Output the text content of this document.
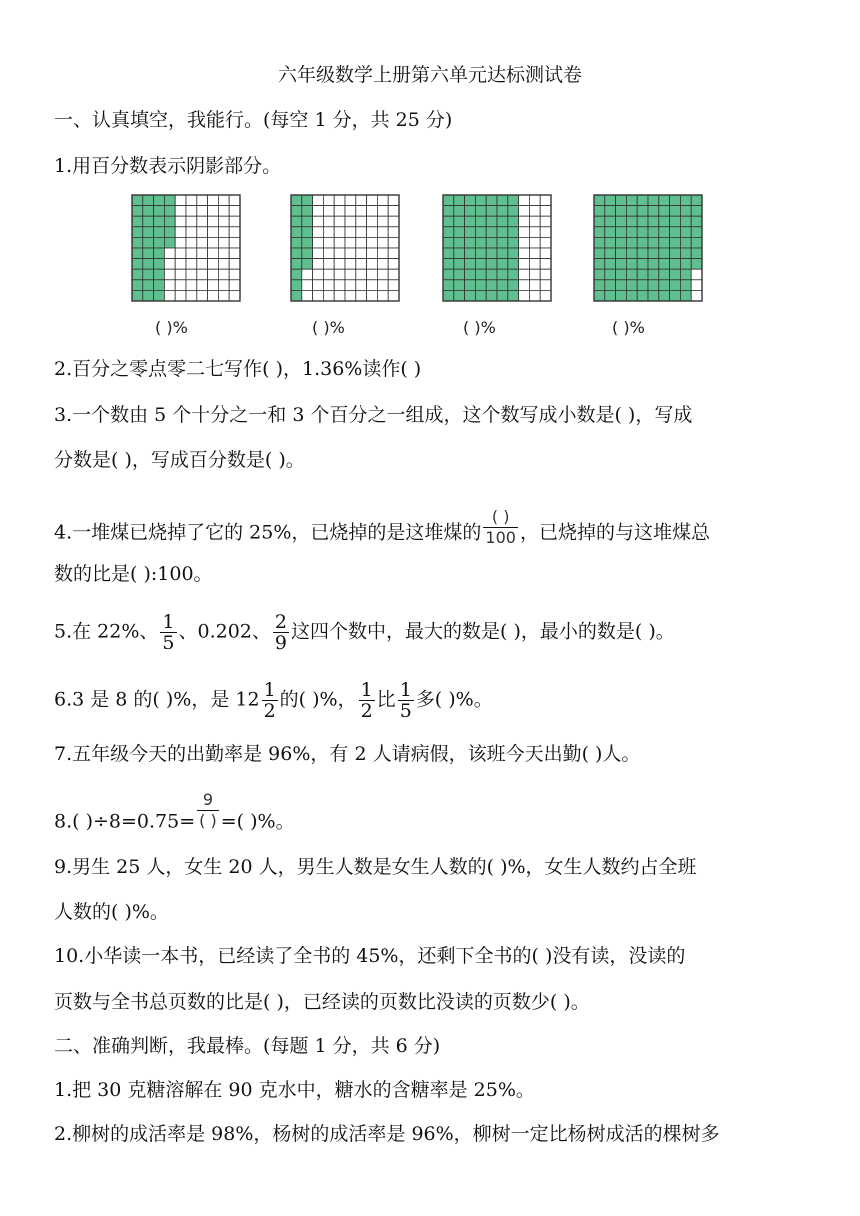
六年级数学上册第六单元达标测试卷
一、认真填空，我能行。(每空 1 分，共 25 分)
1.用百分数表示阴影部分。
( )%	( )%	( )%	( )%
2.百分之零点零二七写作( )，1.36%读作( )
3.一个数由 5 个十分之一和 3 个百分之一组成，这个数写成小数是( )，写成
分数是( )，写成百分数是( )。
4.一堆煤已烧掉了它的 25%，已烧掉的是这堆煤的 $\frac{( )}{100}$ ，已烧掉的与这堆煤总
数的比是( ):100。
5.在 22%、 $\frac{1}{5}$ 、0.202、 $\frac{2}{9}$ 这四个数中，最大的数是( )，最小的数是( )。
6.3 是 8 的( )%，是 $12 \frac{1}{2}$ 的( )%， $\frac{1}{2}$ 比 $\frac{1}{5}$ 多( )%。
7.五年级今天的出勤率是 96%，有 2 人请病假，该班今天出勤( )人。
8.( )$\div 8=0.75= \frac{9}{( )}$ =( )%。
9.男生 25 人，女生 20 人，男生人数是女生人数的( )%，女生人数约占全班
人数的( )%。
10.小华读一本书，已经读了全书的 45%，还剩下全书的( )没有读，没读的
页数与全书总页数的比是( )，已经读的页数比没读的页数少( )。
二、准确判断，我最棒。(每题 1 分，共 6 分)
1.把 30 克糖溶解在 90 克水中，糖水的含糖率是 25%。
2.柳树的成活率是 98%，杨树的成活率是 96%，柳树一定比杨树成活的棵树多
